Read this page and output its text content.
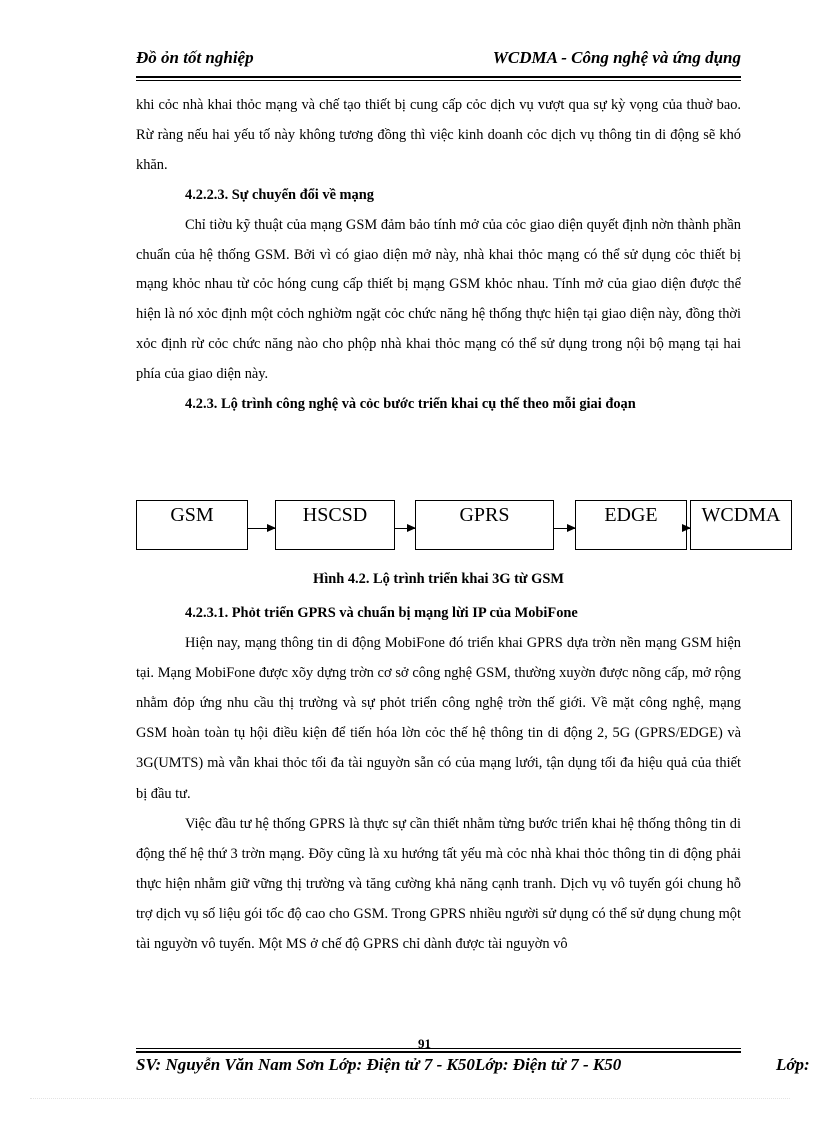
Đồ ỏn tốt nghiệp	WCDMA - Công nghệ và ứng dụng

khi cỏc nhà khai thỏc mạng và chế tạo thiết bị cung cấp cỏc dịch vụ vượt qua sự kỳ vọng của thuờ bao. Rừ ràng nếu hai yếu tố này không tương đồng thì việc kinh doanh cỏc dịch vụ thông tin di động sẽ khó khăn.

4.2.2.3. Sự chuyển đổi về mạng

Chỉ tiờu kỹ thuật của mạng GSM đảm bảo tính mở của cỏc giao diện quyết định nờn thành phần chuẩn của hệ thống GSM. Bởi vì có giao diện mở này, nhà khai thỏc mạng có thể sử dụng cỏc thiết bị mạng khỏc nhau từ cỏc hóng cung cấp thiết bị mạng GSM khỏc nhau. Tính mở của giao diện được thể hiện là nó xỏc định một cỏch nghiờm ngặt cỏc chức năng hệ thống thực hiện tại giao diện này, đồng thời xỏc định rừ cỏc chức năng nào cho phộp nhà khai thỏc mạng có thể sử dụng trong nội bộ mạng tại hai phía của giao diện này.

4.2.3. Lộ trình công nghệ và cỏc bước triển khai cụ thể theo mỗi giai đoạn
GSM	HSCSD	GPRS	EDGE	WCDMA
Hình 4.2. Lộ trình triển khai 3G từ GSM
4.2.3.1. Phỏt triển GPRS và chuẩn bị mạng lừi IP của MobiFone

Hiện nay, mạng thông tin di động MobiFone đó triển khai GPRS dựa trờn nền mạng GSM hiện tại. Mạng MobiFone được xõy dựng trờn cơ sở công nghệ GSM, thường xuyờn được nõng cấp, mở rộng nhằm đỏp ứng nhu cầu thị trường và sự phỏt triển công nghệ trờn thế giới. Về mặt công nghệ, mạng GSM hoàn toàn tụ hội điều kiện để tiến hóa lờn cỏc thế hệ thông tin di động 2, 5G (GPRS/EDGE) và 3G(UMTS) mà vẫn khai thỏc tối đa tài nguyờn sẵn có của mạng lưới, tận dụng tối đa hiệu quả của thiết bị đầu tư.

Việc đầu tư hệ thống GPRS là thực sự cần thiết nhằm từng bước triển khai hệ thống thông tin di động thế hệ thứ 3 trờn mạng. Đõy cũng là xu hướng tất yếu mà cỏc nhà khai thỏc thông tin di động phải thực hiện nhằm giữ vững thị trường và tăng cường khả năng cạnh tranh. Dịch vụ vô tuyến gói chung hỗ trợ dịch vụ số liệu gói tốc độ cao cho GSM. Trong GPRS nhiều người sử dụng có thể sử dụng chung một tài nguyờn vô tuyến. Một MS ở chế độ GPRS chỉ dành được tài nguyờn vô

91
SV: Nguyễn Văn Nam Sơn Lớp: Điện tử 7 - K50Lớp: Điện tử 7 - K50	Lớp:
